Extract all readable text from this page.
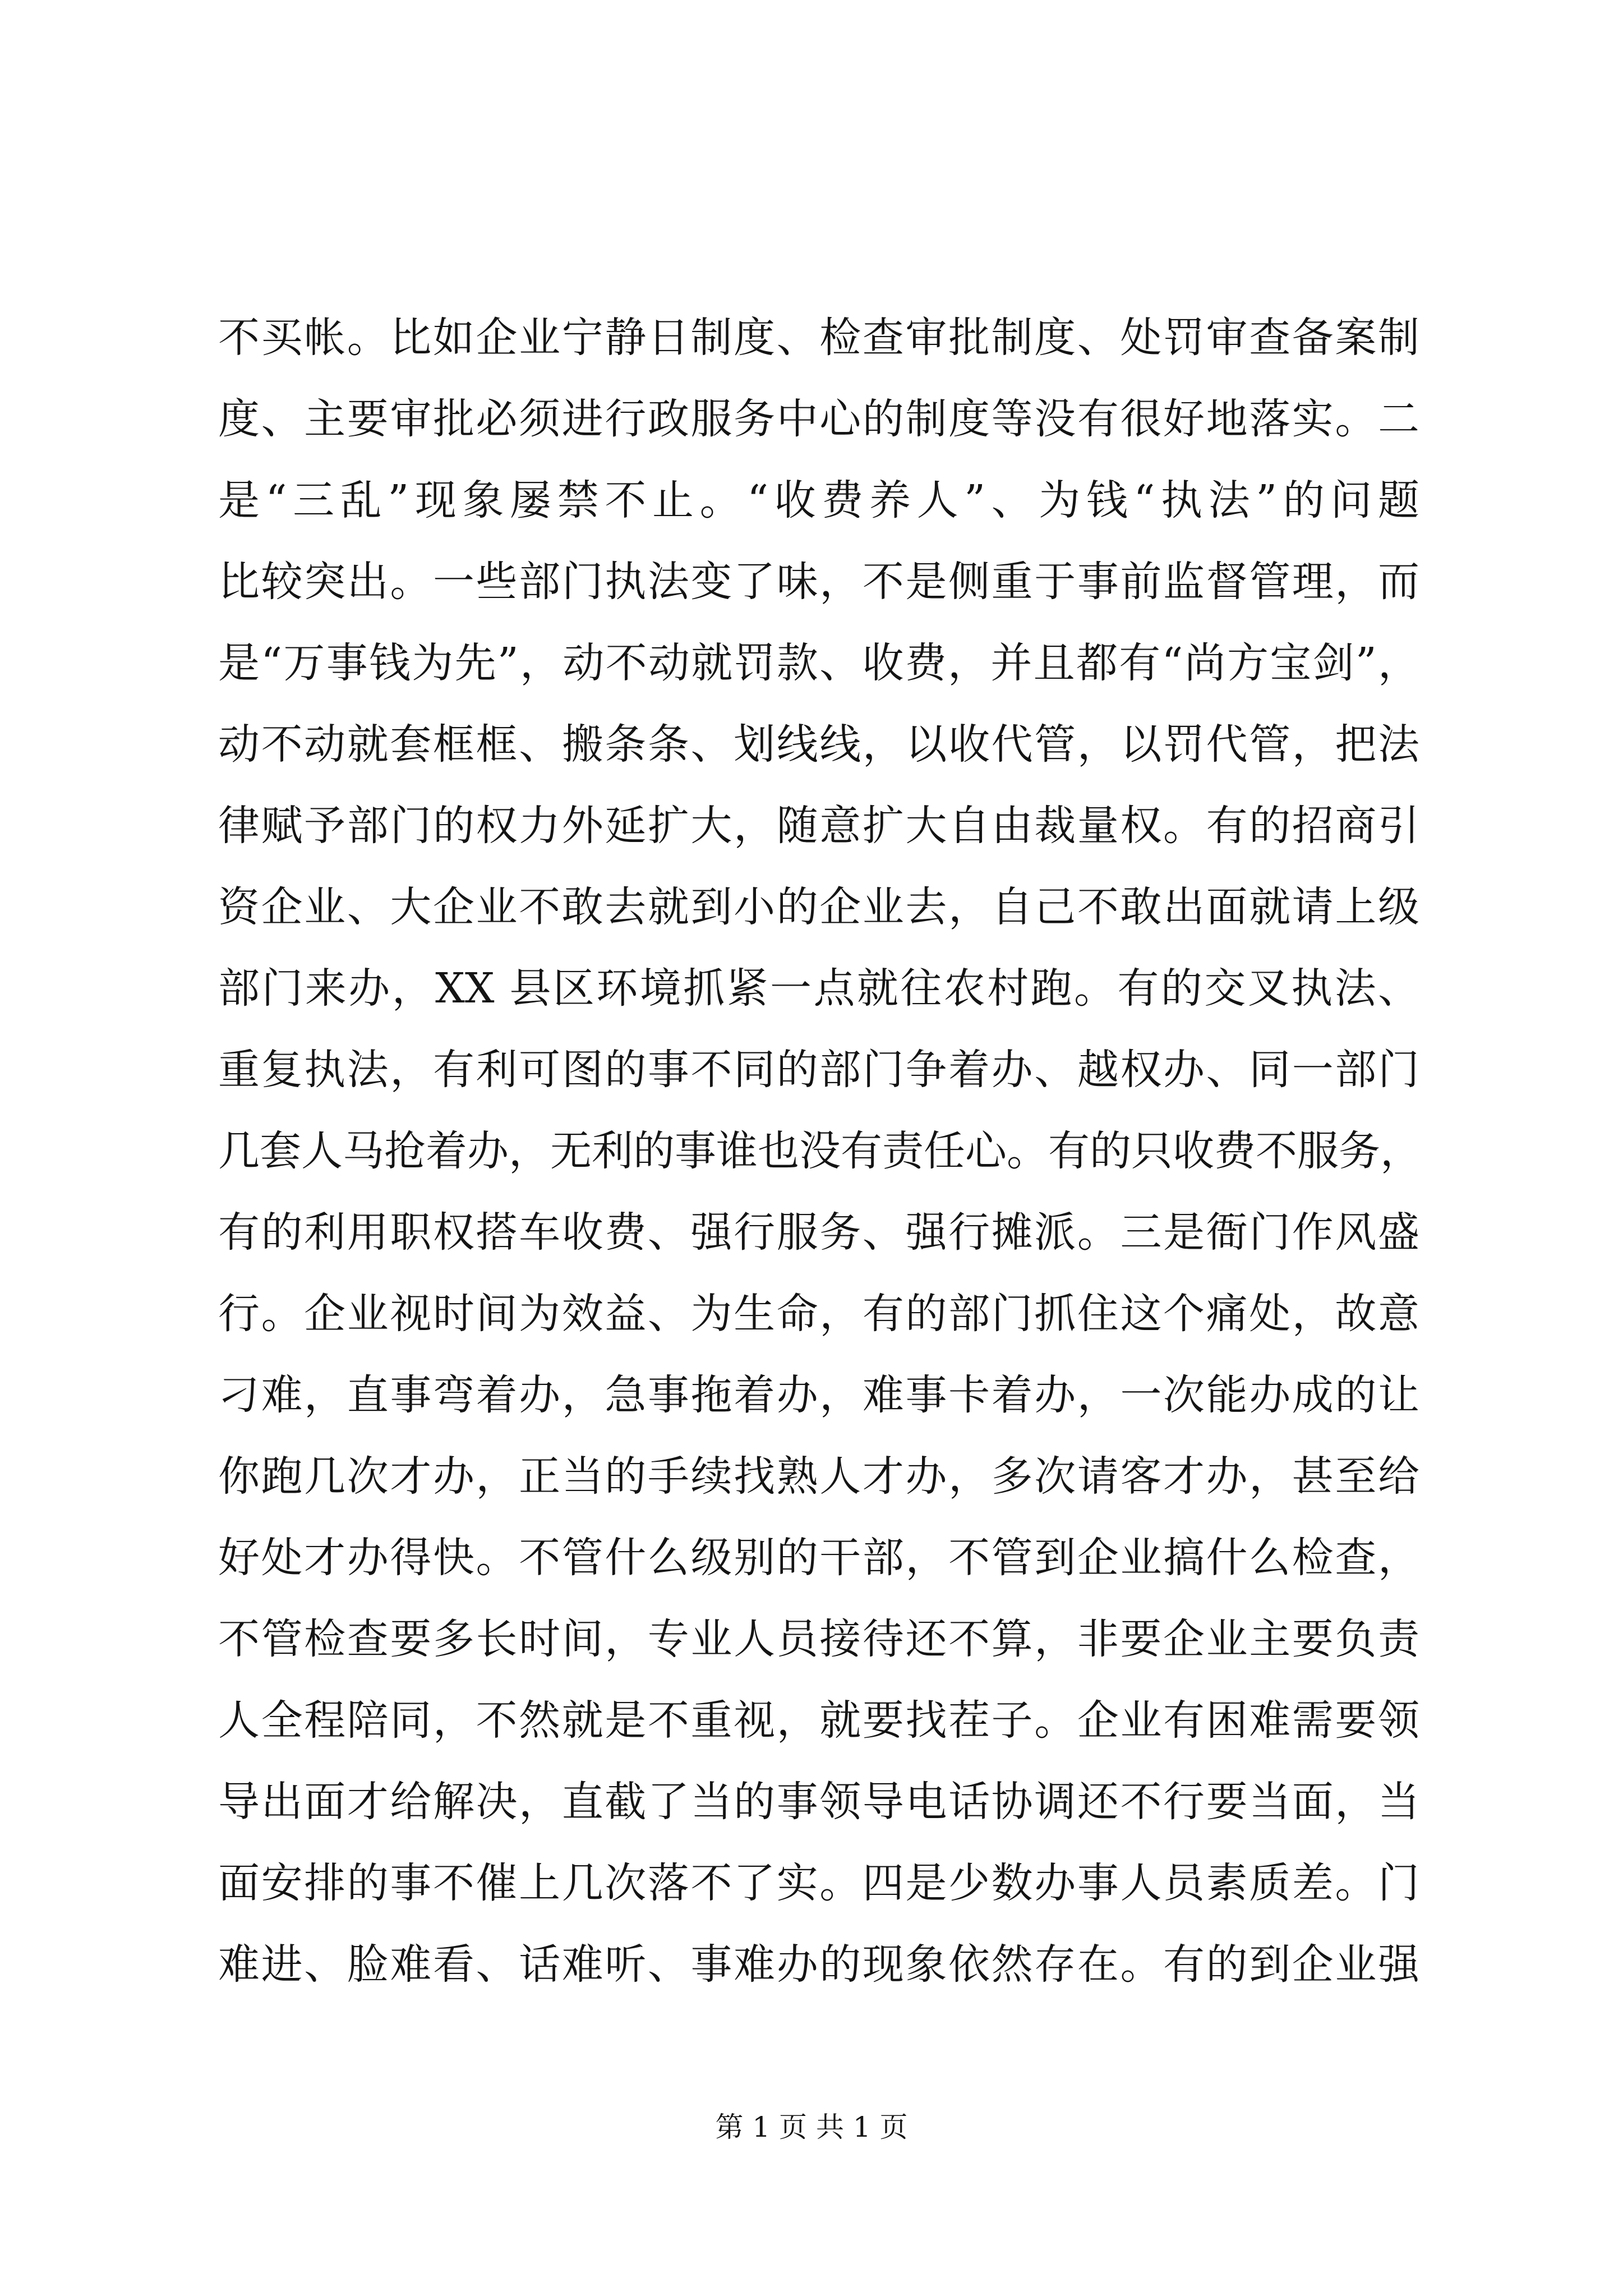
不买帐。比如企业宁静日制度、检查审批制度、处罚审查备案制

度、主要审批必须进行政服务中心的制度等没有很好地落实。二

是“三乱”现象屡禁不止。“收费养人”、为钱“执法”的问题

比较突出。一些部门执法变了味，不是侧重于事前监督管理，而

是“万事钱为先”，动不动就罚款、收费，并且都有“尚方宝剑”，

动不动就套框框、搬条条、划线线，以收代管，以罚代管，把法

律赋予部门的权力外延扩大，随意扩大自由裁量权。有的招商引

资企业、大企业不敢去就到小的企业去，自己不敢出面就请上级

部门来办，XX 县区环境抓紧一点就往农村跑。有的交叉执法、

重复执法，有利可图的事不同的部门争着办、越权办、同一部门

几套人马抢着办，无利的事谁也没有责任心。有的只收费不服务，

有的利用职权搭车收费、强行服务、强行摊派。三是衙门作风盛

行。企业视时间为效益、为生命，有的部门抓住这个痛处，故意

刁难，直事弯着办，急事拖着办，难事卡着办，一次能办成的让

你跑几次才办，正当的手续找熟人才办，多次请客才办，甚至给

好处才办得快。不管什么级别的干部，不管到企业搞什么检查，

不管检查要多长时间，专业人员接待还不算，非要企业主要负责

人全程陪同，不然就是不重视，就要找茬子。企业有困难需要领

导出面才给解决，直截了当的事领导电话协调还不行要当面，当

面安排的事不催上几次落不了实。四是少数办事人员素质差。门

难进、脸难看、话难听、事难办的现象依然存在。有的到企业强

第 1 页 共 1 页
